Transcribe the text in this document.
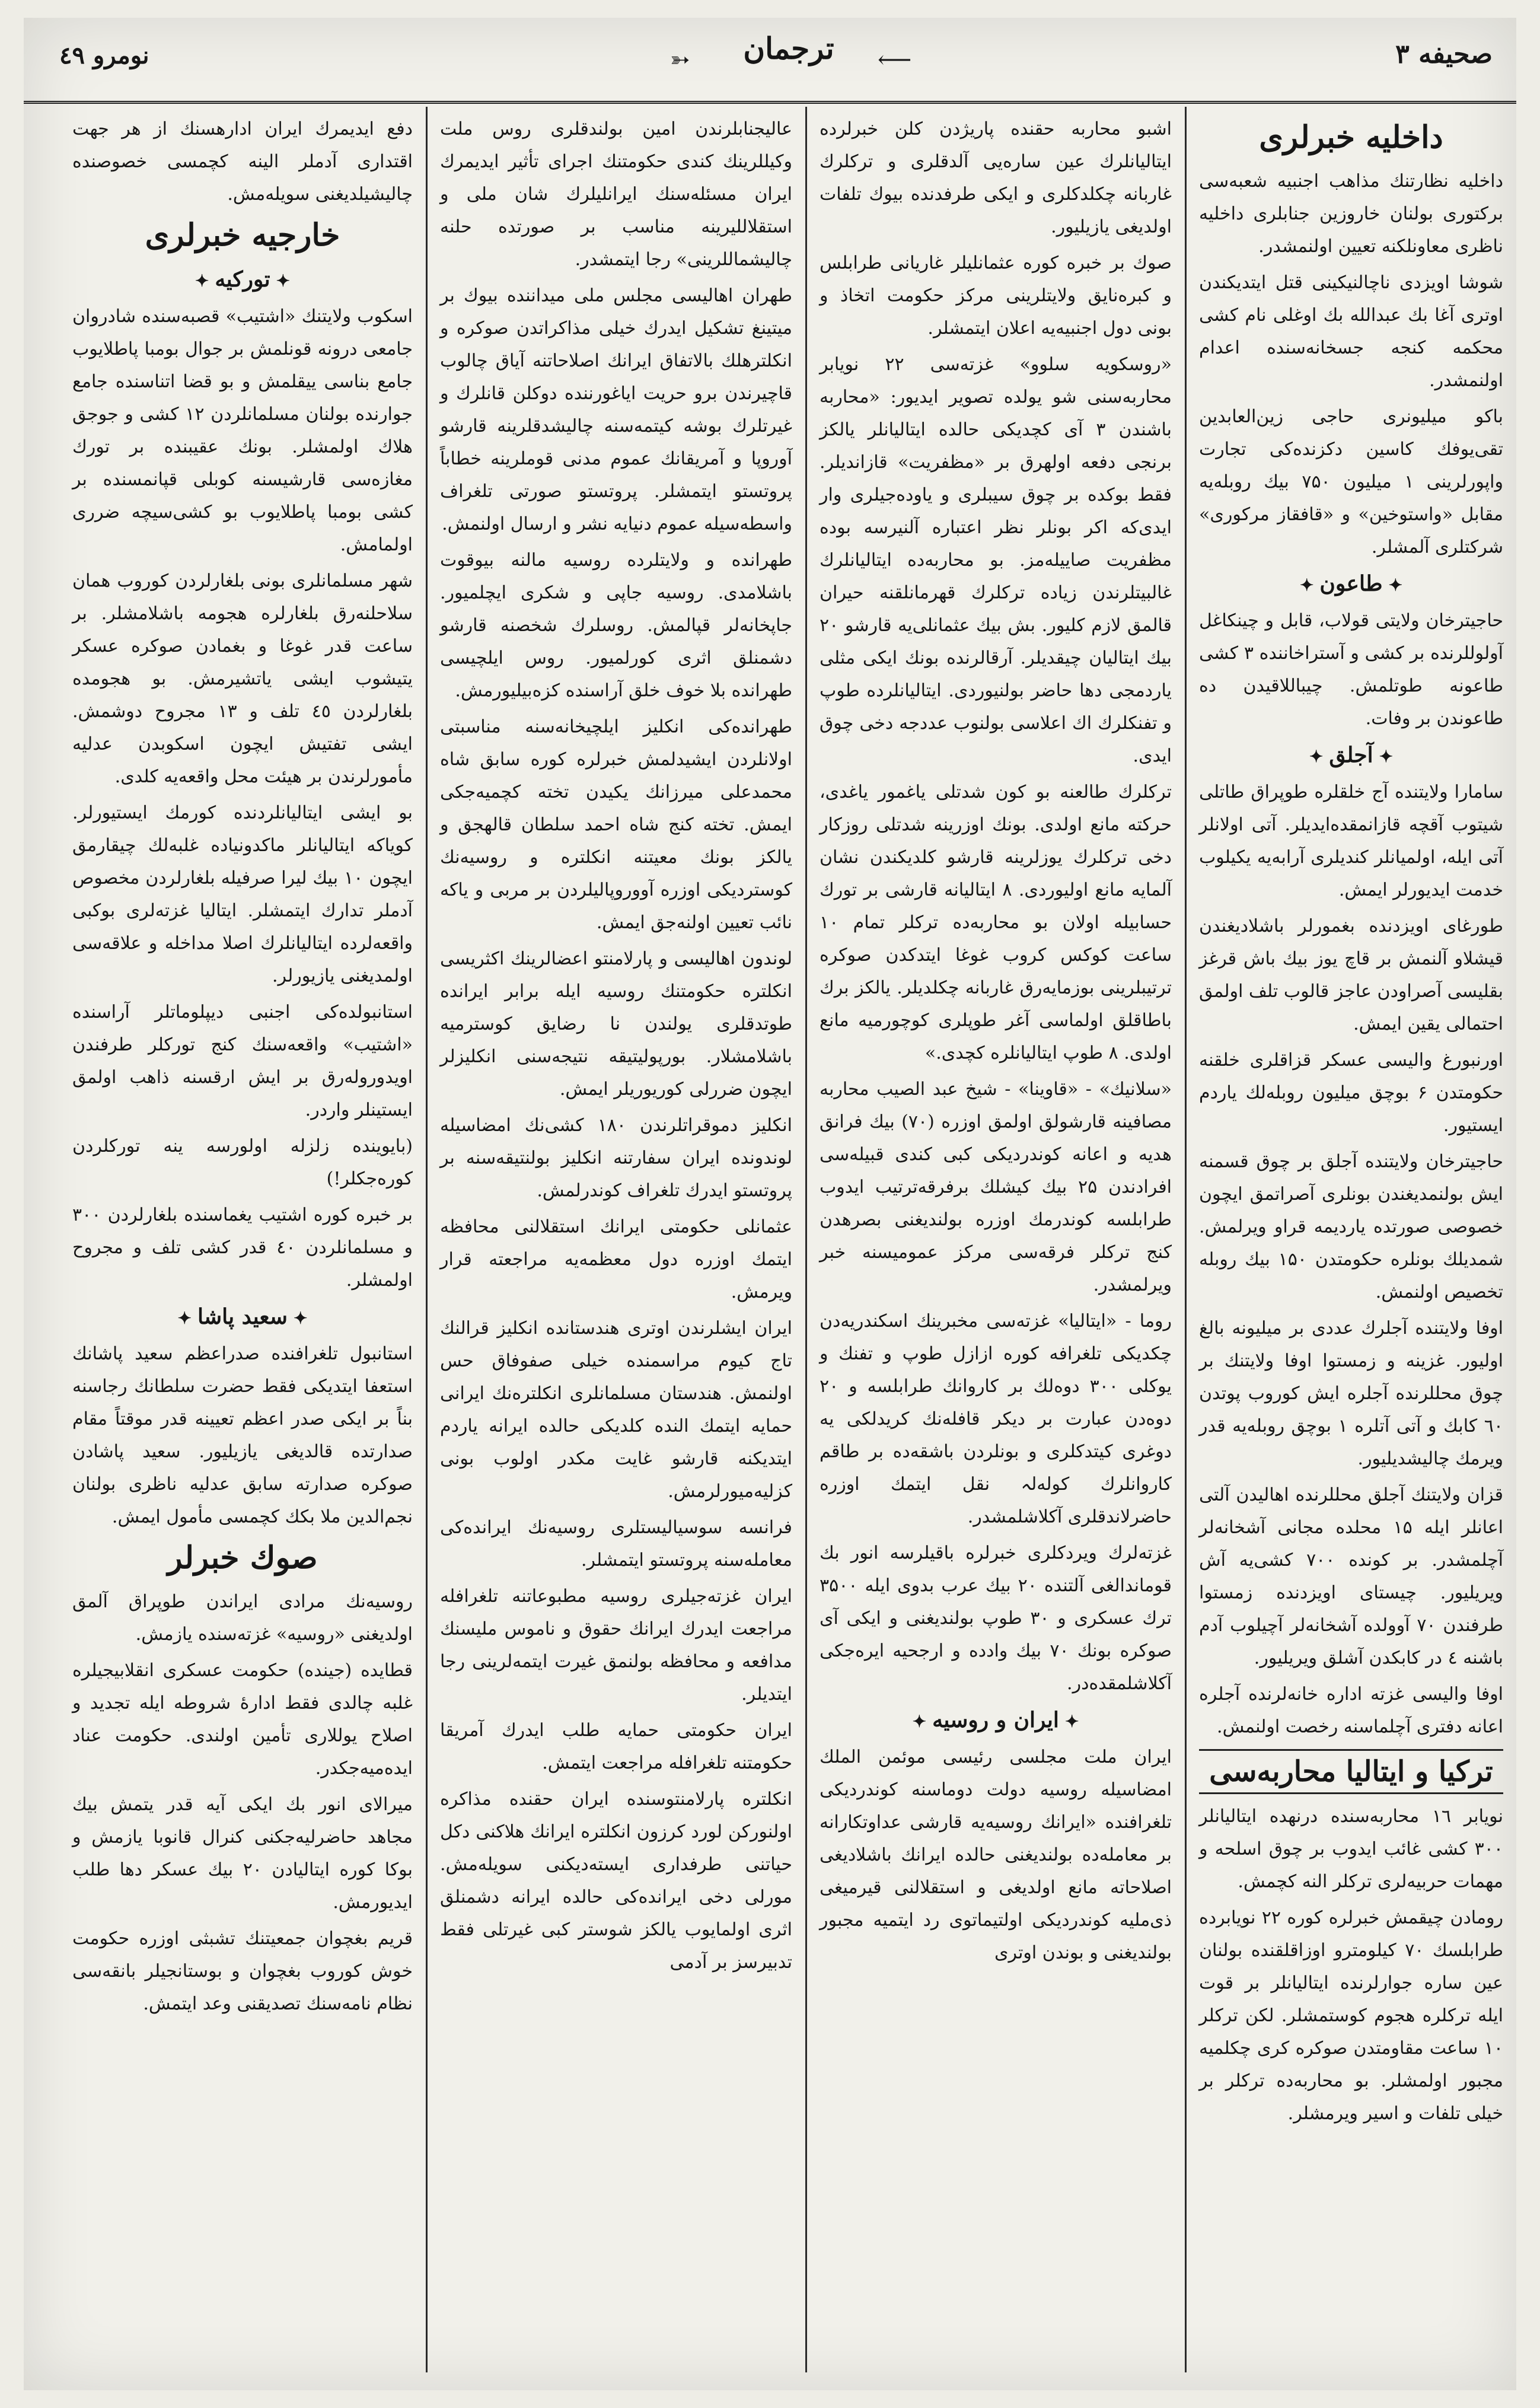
صحیفه ۳
➳	ترجمان	⟵
نومرو ٤٩
داخلیه خبرلری

داخلیه نظارتنك مذاهب اجنبیه شعبه‌سی برکتوری بولنان خاروزین جنابلری داخلیه ناظری معاونلکنه تعیین اولنمشدر.

شوشا اویزدی ناچالنیکینی قتل ایتدیکندن اوتری آغا بك عبدالله بك اوغلی نام کشی محکمه کنجه جسخانه‌سنده اعدام اولنمشدر.

باکو میلیونری حاجی زین‌العابدین تقی‌یوفك کاسین دکزنده‌کی تجارت واپورلرینی ۱ میلیون ۷۵۰ بیك روبله‌یه مقابل «واستوخین» و «قافقاز مرکوری» شرکتلری آلمشلر.

✦ طاعون ✦

حاجیترخان ولایتی قولاب، قابل و چینکاغل آولوللرنده بر کشی و آستراخاننده ۳ کشی طاعونه طوتلمش. چیباللاقیدن ده طاعوندن بر وفات.

✦ آجلق ✦

سامارا ولایتنده آج خلقلره طوپراق طاتلی شیتوب آقچه قازانمقده‌ایدیلر. آتی اولانلر آتی ایله، اولمیانلر کندیلری آرابه‌یه یکیلوب خدمت ایدیورلر ایمش.

طورغای اویزدنده بغمورلر باشلادیغندن قیشلاو آلنمش بر قاچ یوز بیك باش قرغز بقلیسی آصراودن عاجز قالوب تلف اولمق احتمالی یقین ایمش.

اورنبورغ والیسی عسکر قزاقلری خلقنه حکومتدن ۶ بوچق میلیون روبله‌لك یاردم ایستیور.

حاجیترخان ولایتنده آجلق بر چوق قسمنه ایش بولنمدیغندن بونلری آصراتمق ایچون خصوصی صورتده یاردیمه قراو ویرلمش. شمدیلك بونلره حکومتدن ۱۵۰ بیك روبله تخصیص اولنمش.

اوفا ولایتنده آجلرك عددی بر میلیونه بالغ اولیور. غزینه و زمستوا اوفا ولایتنك بر چوق محللرنده آجلره ایش کوروب پوتدن ٦٠ کابك و آتی آتلره ۱ بوچق روبله‌یه قدر ویرمك چالیشدیلیور.

قزان ولایتنك آجلق محللرنده اهالیدن آلتی اعانلر ایله ۱۵ محلده مجانی آشخانه‌لر آچلمشدر. بر کونده ۷۰۰ کشی‌یه آش ویریلیور. چیستای اویزدنده زمستوا طرفندن ٧٠ آوولده آشخانه‌لر آچیلوب آدم باشنه ٤ در کابکدن آشلق ویریلیور.

اوفا والیسی غزته اداره خانه‌لرنده آجلره اعانه دفتری آچلماسنه رخصت اولنمش.

ترکیا و ایتالیا محاربه‌سی

نویابر ۱٦ محاربه‌سنده درنهده ایتالیانلر ۳۰۰ کشی غائب ایدوب بر چوق اسلحه و مهمات حربیه‌لری ترکلر النه کچمش.

رومادن چیقمش خبرلره کوره ۲۲ نویابرده طرابلسك ۷۰ کیلومترو اوزاقلقنده بولنان عین ساره جوارلرنده ایتالیانلر بر قوت ایله ترکلره هجوم کوستمشلر. لکن ترکلر ۱٠ ساعت مقاومتدن صوکره کری چکلمیه مجبور اولمشلر. بو محاربه‌ده ترکلر بر خیلی تلفات و اسیر ویرمشلر.

اشبو محاربه حقنده پاریژدن کلن خبرلرده ایتالیانلرك عین ساره‌یی آلدقلری و ترکلرك غاربانه چکلدکلری و ایکی طرفدنده بیوك تلفات اولدیغی یازیلیور.

صوك بر خبره کوره عثمانلیلر غاریانی طرابلس و کبره‌نایق ولایتلرینی مرکز حکومت اتخاذ و بونی دول اجنبیه‌یه اعلان ایتمشلر.

«روسکویه سلوو» غزته‌سی ۲۲ نویابر محاربه‌سنی شو یولده تصویر ایدیور: «محاربه باشندن ۳ آی کچدیکی حالده ایتالیانلر یالکز برنجی دفعه اولهرق بر «مظفریت» قازاندیلر. فقط بوکده بر چوق سیبلری و یاوده‌جیلری وار ایدی‌که اکر بونلر نظر اعتباره آلنیرسه بوده مظفریت صاییله‌مز. بو محاربه‌ده ایتالیانلرك غالبیتلرندن زیاده ترکلرك قهرمانلقنه حیران قالمق لازم کلیور. بش بیك عثمانلی‌یه قارشو ۲۰ بیك ایتالیان چیقدیلر. آرقالرنده بونك ایکی مثلی یاردمجی دها حاضر بولنیوردی. ایتالیانلرده طوپ و تفنکلرك اك اعلاسی بولنوب عددجه دخی چوق ایدی.

ترکلرك طالعنه بو کون شدتلی یاغمور یاغدی، حرکته مانع اولدی. بونك اوزرینه شدتلی روزکار دخی ترکلرك یوزلرینه قارشو کلدیکندن نشان آلمایه مانع اولیوردی. ۸ ایتالیانه قارشی بر تورك حسابیله اولان بو محاربه‌ده ترکلر تمام ۱٠ ساعت کوکس کروب غوغا ایتدکدن صوکره ترتیبلرینی بوزمایه‌رق غاربانه چکلدیلر. یالکز برك باطاقلق اولماسی آغر طوپلری کوچورمیه مانع اولدی. ۸ طوپ ایتالیانلره کچدی.»

«سلانیك» - «قاوینا» - شیخ عبد الصیب محاربه مصافینه قارشولق اولمق اوزره (۷۰) بیك فرانق هدیه و اعانه کوندردیکی کبی کندی قبیله‌سی افرادندن ۲۵ بیك کیشلك برفرقه‌ترتیب ایدوب طرابلسه کوندرمك اوزره بولندیغنی بصرهدن کنج ترکلر فرقه‌سی مرکز عمومیسنه خبر ویرلمشدر.

روما - «ایتالیا» غزته‌سی مخبرینك اسکندریه‌دن چکدیکی تلغرافه کوره ازازل طوپ و تفنك و یوکلی ۳٠٠ دوه‌لك بر کاروانك طرابلسه و ۲۰ دوه‌دن عبارت بر دیکر قافله‌نك کریدلکی یه دوغری کیتدکلری و بونلردن باشقه‌ده بر طاقم کاروانلرك کوله‌لہ نقل ایتمك اوزره حاضرلاندقلری آکلاشلمشدر.

غزته‌لرك ویردکلری خبرلره باقیلرسه انور بك قوماندالغی آلتنده ۲۰ بیك عرب بدوی ایله ۳۵٠٠ ترك عسکری و ۳٠ طوپ بولندیغنی و ایکی آی صوکره بونك ۷٠ بیك وادده و ارجحیه ایره‌جکی آکلاشلمقده‌در.

✦ ایران و روسیه ✦

ایران ملت مجلسی رئیسی موئمن الملك امضاسیله روسیه دولت دوماسنه کوندردیکی تلغرافنده «ایرانك روسیه‌یه قارشی عداوتکارانه بر معامله‌ده بولندیغنی حالده ایرانك باشلادیغی اصلاحاته مانع اولدیغی و استقلالنی قیرمیغی ذی‌ملیه کوندردیکی اولتیماتوی رد ایتمیه مجبور بولندیغنی و بوندن اوتری

عالیجنابلرندن امین بولندقلری روس ملت وکیللرینك کندی حکومتنك اجرای تأثیر ایدیمرك ایران مسئله‌سنك ایرانلیلرك شان ملی و استقلاللیرینه مناسب بر صورتده حلنه چالیشماللرینی» رجا ایتمشدر.

طهران اهالیسی مجلس ملی میداننده بیوك بر میتینغ تشکیل ایدرك خیلی مذاکراتدن صوکره و انکلترهلك بالاتفاق ایرانك اصلاحاتنه آیاق چالوب قاچیرندن برو حریت ایاغورننده دوکلن قانلرك و غیرتلرك بوشه کیتمه‌سنه چالیشدقلرینه قارشو آوروپا و آمریقانك عموم مدنی قوملرینه خطاباً پروتستو ایتمشلر. پروتستو صورتی تلغراف واسطه‌سیله عموم دنیایه نشر و ارسال اولنمش.

طهرانده و ولایتلرده روسیه مالنه بیوقوت باشلامدی. روسیه جاپی و شکری ایچلمیور. جاپخانه‌لر قپالمش. روسلرك شخصنه قارشو دشمنلق اثری کورلمیور. روس ایلچیسی طهرانده بلا خوف خلق آراسنده کزه‌بیلیورمش.

طهرانده‌کی انکلیز ایلچیخانه‌سنه مناسبتی اولانلردن ایشیدلمش خبرلره کوره سابق شاه محمدعلی میرزانك یکیدن تخته کچمیه‌جکی ایمش. تخته کنج شاه احمد سلطان قالهجق و یالکز بونك معیتنه انکلتره و روسیه‌نك کوستردیکی اوزره آووروپالیلردن بر مربی و یاکه نائب تعیین اولنه‌جق ایمش.

لوندون اهالیسی و پارلامنتو اعضالرینك اکثریسی انکلتره حکومتنك روسیه ایله برابر ایرانده طوتدقلری یولندن نا رضایق کوسترمیه باشلامشلار. بورپولیتیقه نتیجه‌سنی انکلیزلر ایچون ضررلی کوریوریلر ایمش.

انکلیز دموقراتلرندن ۱۸٠ کشی‌نك امضاسیله لوندونده ایران سفارتنه انکلیز بولنتیقه‌سنه بر پروتستو ایدرك تلغراف کوندرلمش.

عثمانلی حکومتی ایرانك استقلالنی محافظه ایتمك اوزره دول معظمه‌یه مراجعته قرار ویرمش.

ایران ایشلرندن اوتری هندستانده انکلیز قرالنك تاج کیوم مراسمنده خیلی صفوفاق حس اولنمش. هندستان مسلمانلری انکلتره‌نك ایرانی حمایه ایتمك النده کلدیکی حالده ایرانه یاردم ایتدیکنه قارشو غایت مکدر اولوب بونی کزلیه‌میورلرمش.

فرانسه سوسیالیستلری روسیه‌نك ایرانده‌کی معامله‌سنه پروتستو ایتمشلر.

ایران غزته‌جیلری روسیه مطبوعاتنه تلغرافله مراجعت ایدرك ایرانك حقوق و ناموس ملیسنك مدافعه و محافظه بولنمق غیرت ایتمه‌لرینی رجا ایتدیلر.

ایران حکومتی حمایه طلب ایدرك آمریقا حکومتنه تلغرافله مراجعت ایتمش.

انکلتره پارلامنتوسنده ایران حقنده مذاکره اولنورکن لورد کرزون انکلتره ایرانك هلاکنی دکل حیاتنی طرفداری ایسته‌دیکنی سویله‌مش. مورلی دخی ایرانده‌کی حالده ایرانه دشمنلق اثری اولمایوب یالکز شوستر کبی غیرتلی فقط تدبیرسز بر آدمی

دفع ایدیمرك ایران ادارهسنك از هر جهت اقتداری آدملر الینه کچمسی خصوصنده چالیشیلدیغنی سویله‌مش.

خارجیه خبرلری
✦ توركیه ✦

اسکوب ولایتنك «اشتیب» قصبه‌سنده شادروان جامعی درونه قونلمش بر جوال بومبا پاطلایوب جامع بناسی ییقلمش و بو قضا اتناسنده جامع جوارنده بولنان مسلمانلردن ۱۲ کشی و جوجق هلاك اولمشلر. بونك عقیبنده بر تورك مغازه‌سی قارشیسنه کوبلی قپانمسنده بر کشی بومبا پاطلایوب بو کشی‌سیچه ضرری اولمامش.

شهر مسلمانلری بونی بلغارلردن کوروب همان سلاحلنه‌رق بلغارلره هجومه باشلامشلر. بر ساعت قدر غوغا و بغمادن صوکره عسکر یتیشوب ایشی یاتشیرمش. بو هجومده بلغارلردن ٤٥ تلف و ۱۳ مجروح دوشمش. ایشی تفتیش ایچون اسکوبدن عدلیه مأمورلرندن بر هیئت محل واقعه‌یه کلدی.

بو ایشی ایتالیانلردنده کورمك ایستیورلر. کویاکه ایتالیانلر ماکدونیاده غلبه‌لك چیقارمق ایچون ۱٠ بیك لیرا صرفیله بلغارلردن مخصوص آدملر تدارك ایتمشلر. ایتالیا غزته‌لری بوکبی واقعه‌لرده ایتالیانلرك اصلا مداخله و علاقه‌سی اولمدیغنی یازیورلر.

استانبولده‌کی اجنبی دیپلوماتلر آراسنده «اشتیب» واقعه‌سنك کنج تورکلر طرفندن اویدوروله‌رق بر ایش ارقسنه ذاهب اولمق ایستینلر واردر.

(بایوینده زلزله اولورسه ینه تورکلردن کوره‌جکلر!)

بر خبره کوره اشتیب یغماسنده بلغارلردن ۳٠٠ و مسلمانلردن ٤٠ قدر کشی تلف و مجروح اولمشلر.

✦ سعید پاشا ✦

استانبول تلغرافنده صدراعظم سعید پاشانك استعفا ایتدیکی فقط حضرت سلطانك رجاسنه بناً بر ایکی صدر اعظم تعیینه قدر موقتاً مقام صدارتده قالدیغی یازیلیور. سعید پاشادن صوکره صدارته سابق عدلیه ناظری بولنان نجم‌الدین ملا بکك کچمسی مأمول ایمش.

صوك خبرلر

روسیه‌نك مرادی ایراندن طوپراق آلمق اولدیغنی «روسیه» غزته‌سنده یازمش.

قطایده (جینده) حکومت عسکری انقلابیجیلره غلبه چالدی فقط ادارهٔ شروطه ایله تجدید و اصلاح یوللاری تأمین اولندی. حکومت عناد ایده‌میه‌جکدر.

میرالای انور بك ایکی آیه قدر یتمش بیك مجاهد حاضرلیه‌جکنی کنرال قانوبا یازمش و بوکا کوره ایتالیادن ۲۰ بیك عسکر دها طلب ایدیورمش.

قریم بغچوان جمعیتنك تشبثی اوزره حکومت خوش کوروب بغچوان و بوستانجیلر بانقه‌سی نظام نامه‌سنك تصدیقنی وعد ایتمش.
